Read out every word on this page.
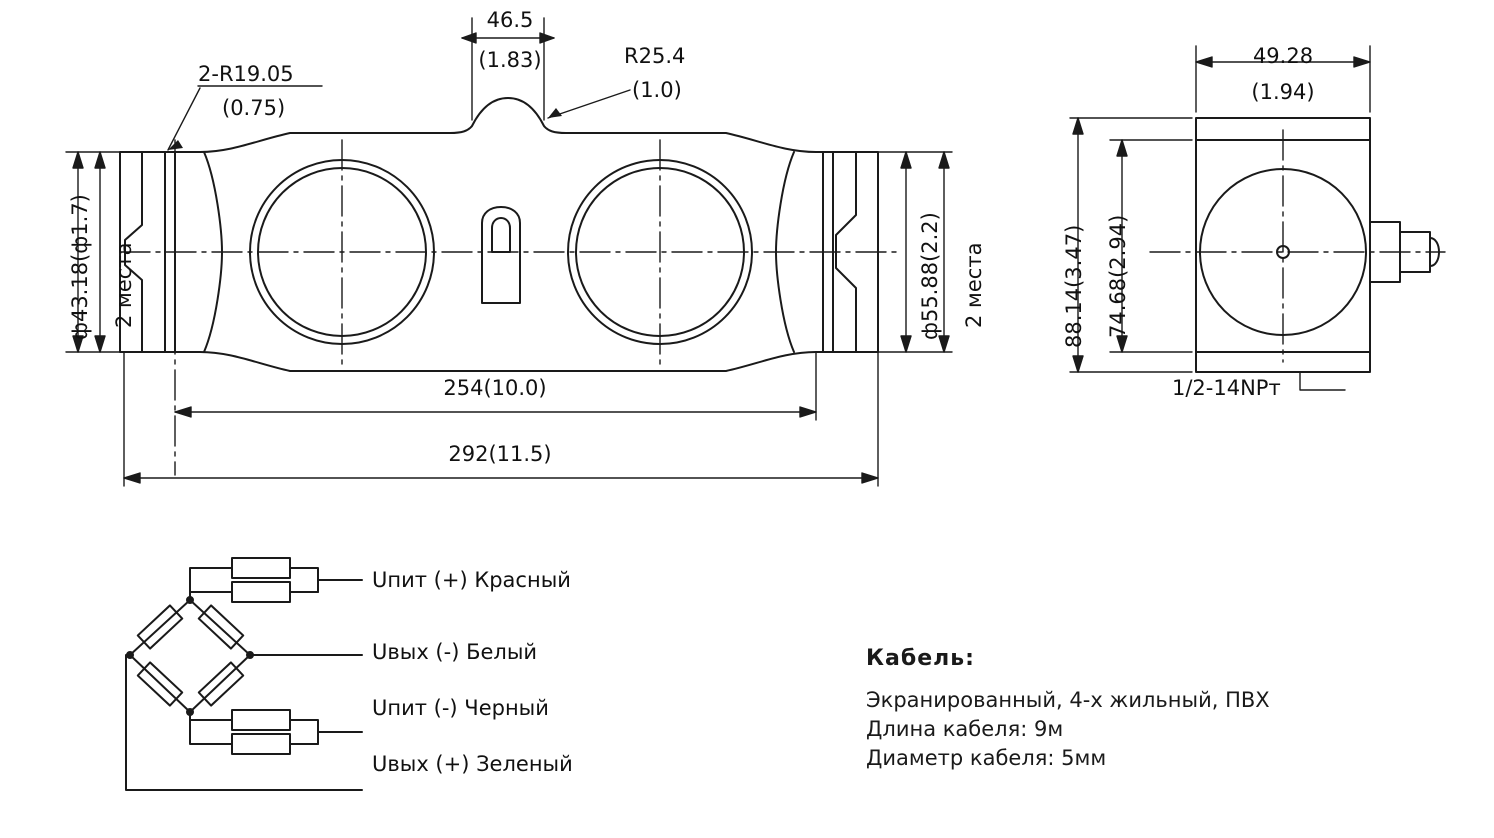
46.5
(1.83)	R25.4
(1.0)
2-R19.05
(0.75)
ф43.18(ф1.7) 2 места	ф55.88(2.2) 2 места
254(10.0)
292(11.5)
49.28
(1.94)
88.14(3.47) 74.68(2.94)
1/2-14NPт
Uпит (+) Красный
Uвых (-) Белый
Uпит (-) Черный
Uвых (+) Зеленый
Кабель:
Экранированный, 4-х жильный, ПВХ
Длина кабеля: 9м
Диаметр кабеля: 5мм
